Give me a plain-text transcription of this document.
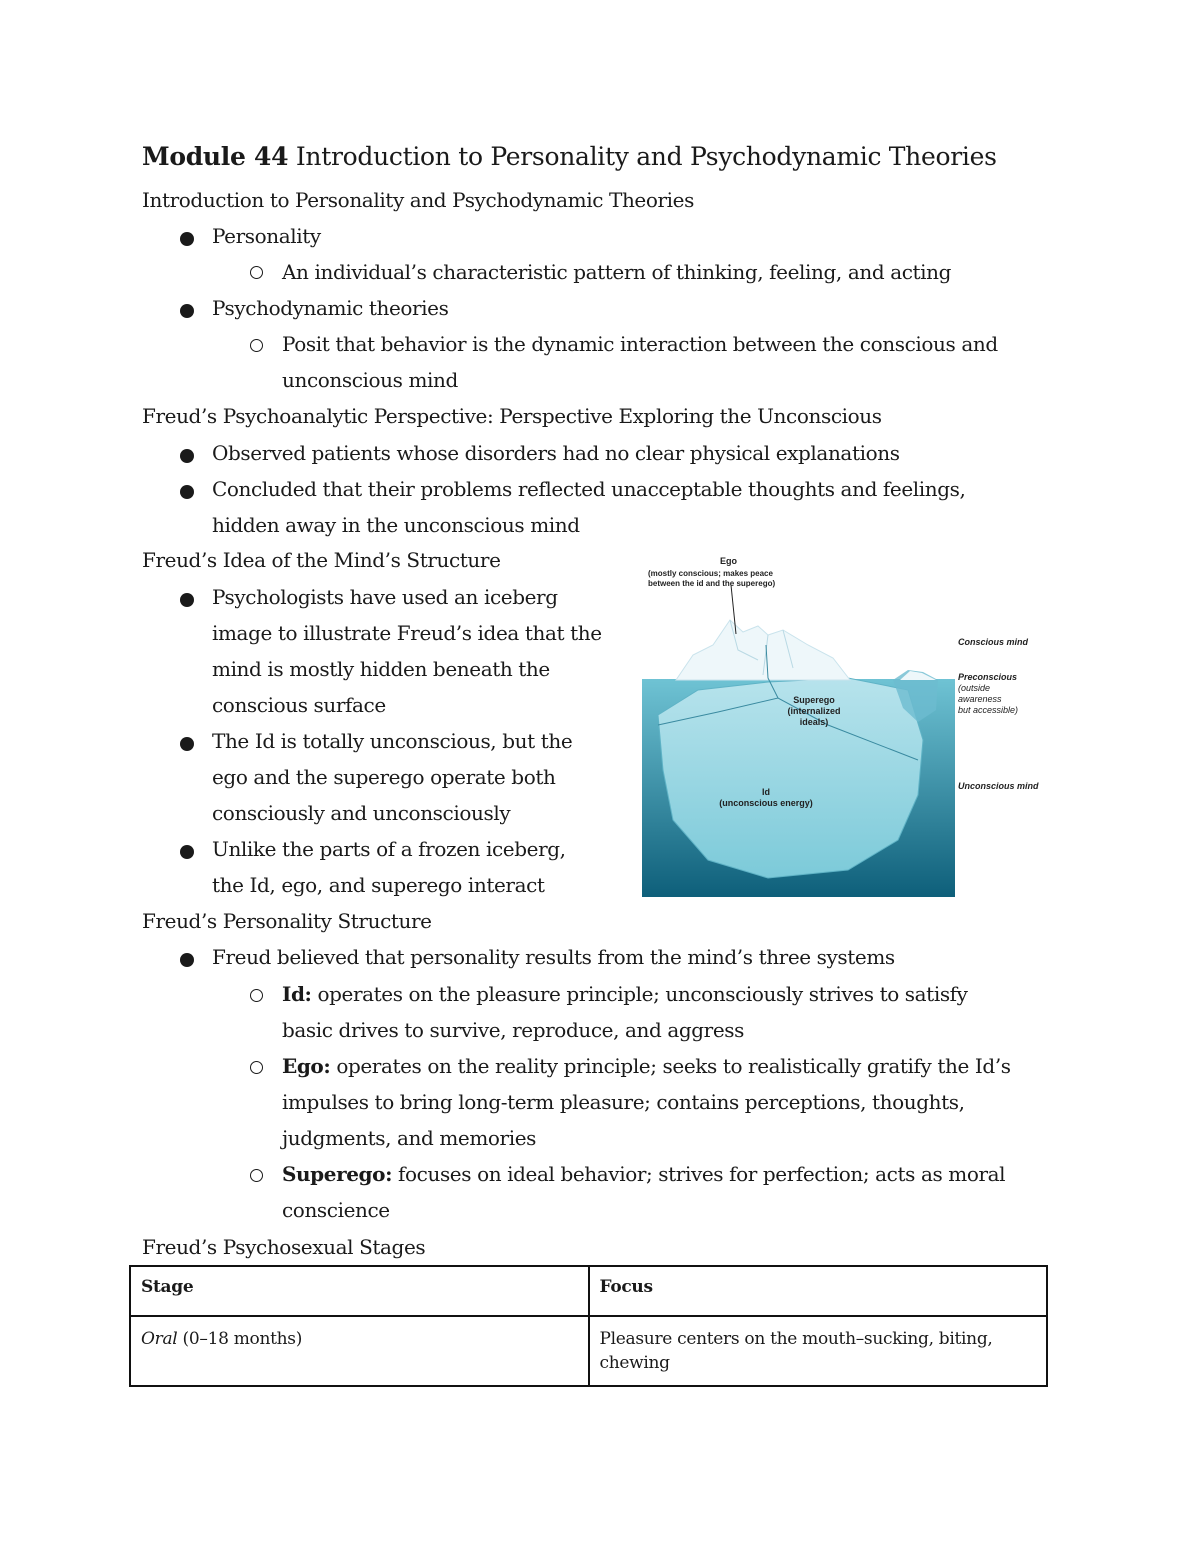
Module 44 Introduction to Personality and Psychodynamic Theories
Introduction to Personality and Psychodynamic Theories
Personality
An individual’s characteristic pattern of thinking, feeling, and acting
Psychodynamic theories
Posit that behavior is the dynamic interaction between the conscious and
unconscious mind
Freud’s Psychoanalytic Perspective: Perspective Exploring the Unconscious
Observed patients whose disorders had no clear physical explanations
Concluded that their problems reflected unacceptable thoughts and feelings,
hidden away in the unconscious mind
Freud’s Idea of the Mind’s Structure
Psychologists have used an iceberg
image to illustrate Freud’s idea that the
mind is mostly hidden beneath the
conscious surface
The Id is totally unconscious, but the
ego and the superego operate both
consciously and unconsciously
Unlike the parts of a frozen iceberg,
the Id, ego, and superego interact
Ego
(mostly conscious; makes peace
between the id and the superego)
Superego
(internalized
ideals)
Id
(unconscious energy)
Conscious mind
Preconscious
(outside
awareness
but accessible)
Unconscious mind
Freud’s Personality Structure
Freud believed that personality results from the mind’s three systems
Id: operates on the pleasure principle; unconsciously strives to satisfy
basic drives to survive, reproduce, and aggress
Ego: operates on the reality principle; seeks to realistically gratify the Id’s
impulses to bring long-term pleasure; contains perceptions, thoughts,
judgments, and memories
Superego: focuses on ideal behavior; strives for perfection; acts as moral
conscience
Freud’s Psychosexual Stages
Stage	Focus
Oral (0–18 months)	Pleasure centers on the mouth–sucking, biting, chewing
